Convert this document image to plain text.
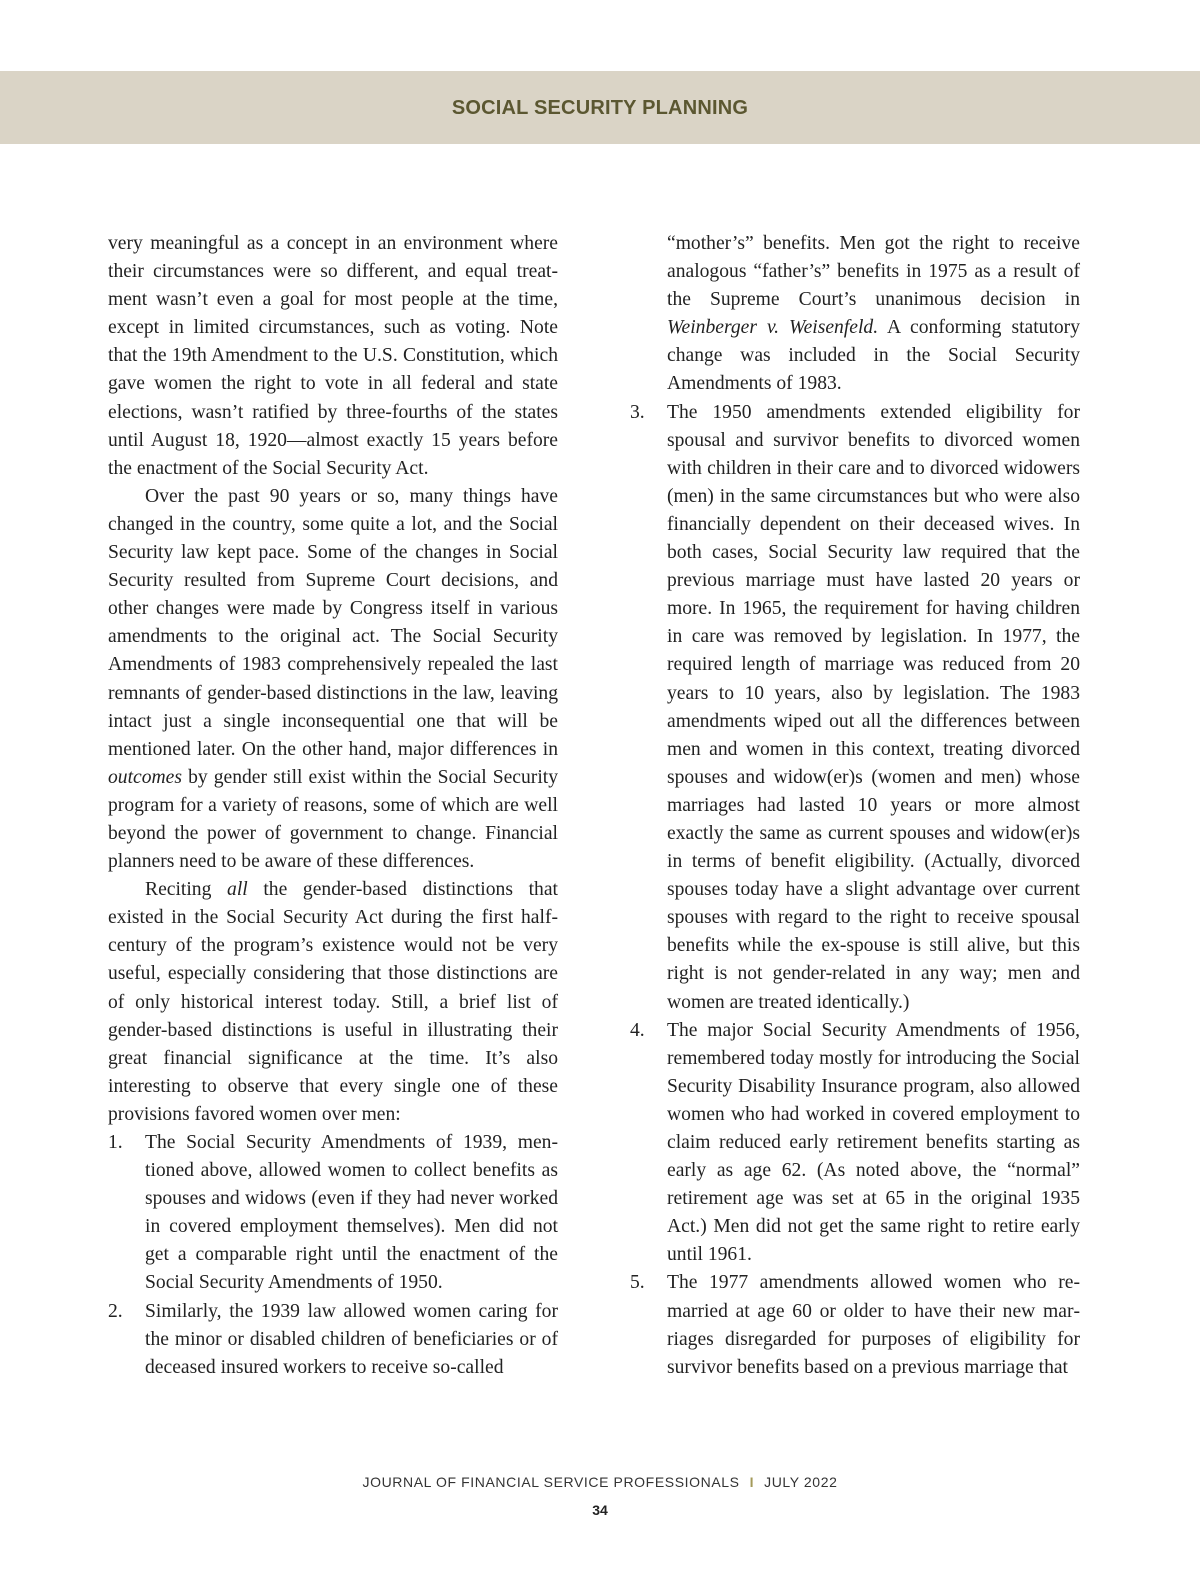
SOCIAL SECURITY PLANNING

very meaningful as a concept in an environment where their circumstances were so different, and equal treatment wasn’t even a goal for most people at the time, except in limited circumstances, such as voting. Note that the 19th Amendment to the U.S. Constitution, which gave women the right to vote in all federal and state elections, wasn’t ratified by three-fourths of the states until August 18, 1920—almost exactly 15 years before the enactment of the Social Security Act.

Over the past 90 years or so, many things have changed in the country, some quite a lot, and the Social Security law kept pace. Some of the changes in Social Security resulted from Supreme Court decisions, and other changes were made by Congress itself in various amendments to the original act. The Social Security Amendments of 1983 comprehensively repealed the last remnants of gender-based distinctions in the law, leaving intact just a single inconsequential one that will be mentioned later. On the other hand, major differences in outcomes by gender still exist within the Social Security program for a variety of reasons, some of which are well beyond the power of government to change. Financial planners need to be aware of these differences.

Reciting all the gender-based distinctions that existed in the Social Security Act during the first half-century of the program’s existence would not be very useful, especially considering that those distinctions are of only historical interest today. Still, a brief list of gender-based distinctions is useful in illustrating their great financial significance at the time. It’s also interesting to observe that every single one of these provisions favored women over men:

1. The Social Security Amendments of 1939, mentioned above, allowed women to collect benefits as spouses and widows (even if they had never worked in covered employment themselves). Men did not get a comparable right until the enactment of the Social Security Amendments of 1950.

2. Similarly, the 1939 law allowed women caring for the minor or disabled children of beneficiaries or of deceased insured workers to receive so-called

“mother’s” benefits. Men got the right to receive analogous “father’s” benefits in 1975 as a result of the Supreme Court’s unanimous decision in Weinberger v. Weisenfeld. A conforming statutory change was included in the Social Security Amendments of 1983.

3. The 1950 amendments extended eligibility for spousal and survivor benefits to divorced women with children in their care and to divorced widowers (men) in the same circumstances but who were also financially dependent on their deceased wives. In both cases, Social Security law required that the previous marriage must have lasted 20 years or more. In 1965, the requirement for having children in care was removed by legislation. In 1977, the required length of marriage was reduced from 20 years to 10 years, also by legislation. The 1983 amendments wiped out all the differences between men and women in this context, treating divorced spouses and widow(er)s (women and men) whose marriages had lasted 10 years or more almost exactly the same as current spouses and widow(er)s in terms of benefit eligibility. (Actually, divorced spouses today have a slight advantage over current spouses with regard to the right to receive spousal benefits while the ex-spouse is still alive, but this right is not gender-related in any way; men and women are treated identically.)

4. The major Social Security Amendments of 1956, remembered today mostly for introducing the Social Security Disability Insurance program, also allowed women who had worked in covered employment to claim reduced early retirement benefits starting as early as age 62. (As noted above, the “normal” retirement age was set at 65 in the original 1935 Act.) Men did not get the same right to retire early until 1961.

5. The 1977 amendments allowed women who remarried at age 60 or older to have their new marriages disregarded for purposes of eligibility for survivor benefits based on a previous marriage that

JOURNAL OF FINANCIAL SERVICE PROFESSIONALS I JULY 2022
34
